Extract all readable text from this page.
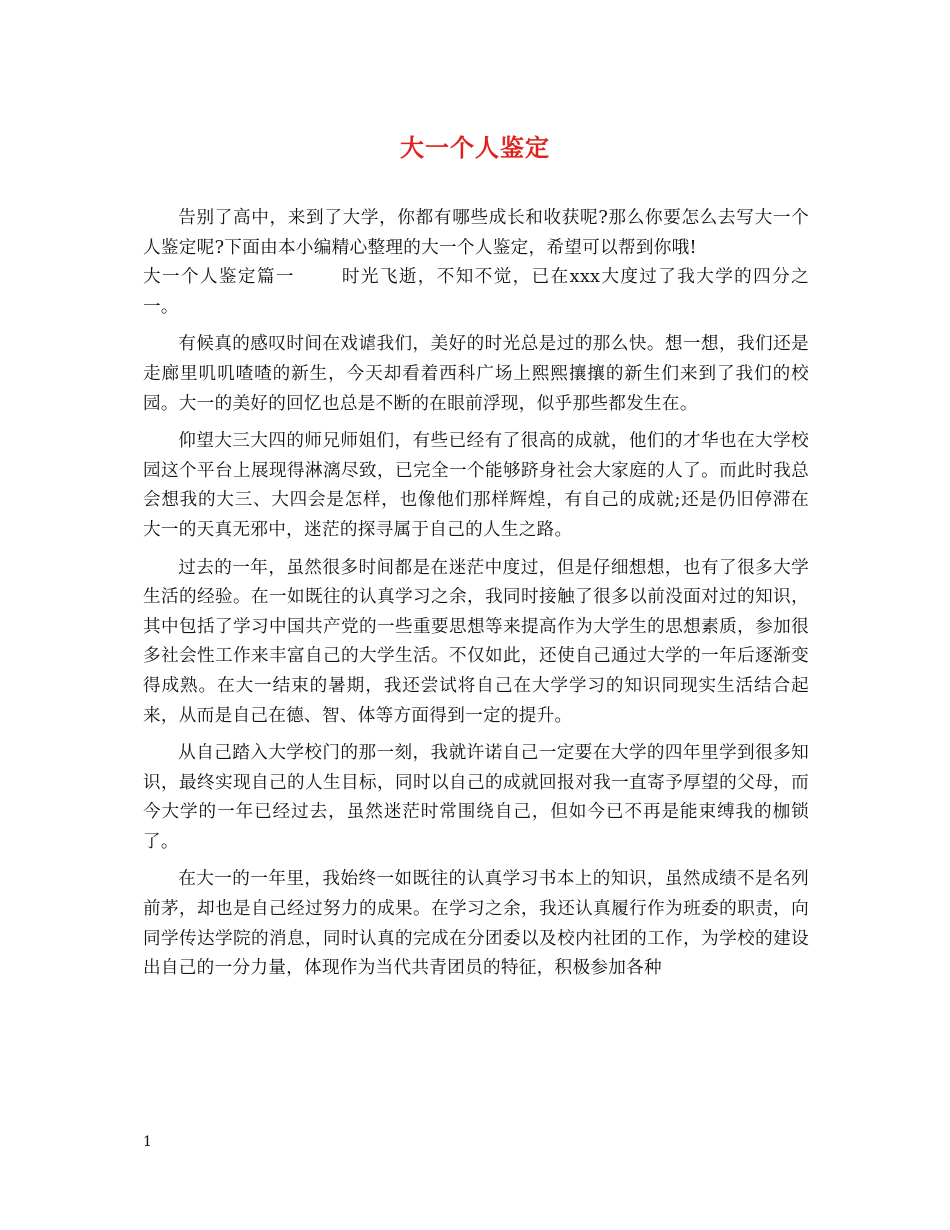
大一个人鉴定

告别了高中，来到了大学，你都有哪些成长和收获呢?那么你要怎么去写大一个人鉴定呢?下面由本小编精心整理的大一个人鉴定，希望可以帮到你哦!

大一个人鉴定篇一	时光飞逝，不知不觉，已在xxx大度过了我大学的四分之一。

有候真的感叹时间在戏谑我们，美好的时光总是过的那么快。想一想，我们还是走廊里叽叽喳喳的新生，今天却看着西科广场上熙熙攘攘的新生们来到了我们的校园。大一的美好的回忆也总是不断的在眼前浮现，似乎那些都发生在。

仰望大三大四的师兄师姐们，有些已经有了很高的成就，他们的才华也在大学校园这个平台上展现得淋漓尽致，已完全一个能够跻身社会大家庭的人了。而此时我总会想我的大三、大四会是怎样，也像他们那样辉煌，有自己的成就;还是仍旧停滞在大一的天真无邪中，迷茫的探寻属于自己的人生之路。

过去的一年，虽然很多时间都是在迷茫中度过，但是仔细想想，也有了很多大学生活的经验。在一如既往的认真学习之余，我同时接触了很多以前没面对过的知识，其中包括了学习中国共产党的一些重要思想等来提高作为大学生的思想素质，参加很多社会性工作来丰富自己的大学生活。不仅如此，还使自己通过大学的一年后逐渐变得成熟。在大一结束的暑期，我还尝试将自己在大学学习的知识同现实生活结合起来，从而是自己在德、智、体等方面得到一定的提升。

从自己踏入大学校门的那一刻，我就许诺自己一定要在大学的四年里学到很多知识，最终实现自己的人生目标，同时以自己的成就回报对我一直寄予厚望的父母，而今大学的一年已经过去，虽然迷茫时常围绕自己，但如今已不再是能束缚我的枷锁了。

在大一的一年里，我始终一如既往的认真学习书本上的知识，虽然成绩不是名列前茅，却也是自己经过努力的成果。在学习之余，我还认真履行作为班委的职责，向同学传达学院的消息，同时认真的完成在分团委以及校内社团的工作，为学校的建设出自己的一分力量，体现作为当代共青团员的特征，积极参加各种

1
